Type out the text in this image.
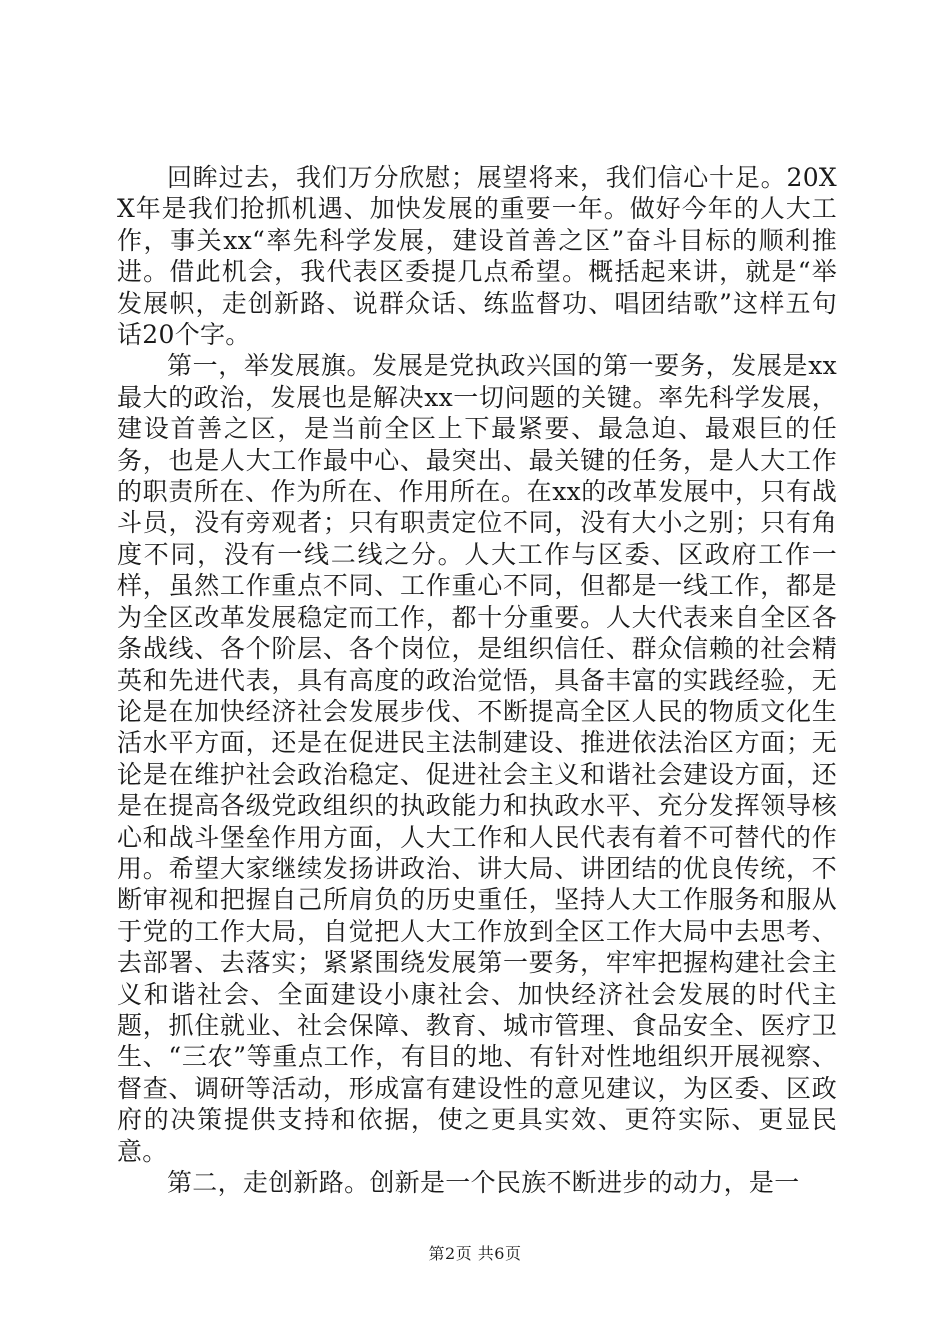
回眸过去，我们万分欣慰；展望将来，我们信心十足。20XX年是我们抢抓机遇、加快发展的重要一年。做好今年的人大工作，事关xx“率先科学发展，建设首善之区”奋斗目标的顺利推进。借此机会，我代表区委提几点希望。概括起来讲，就是“举发展帜，走创新路、说群众话、练监督功、唱团结歌”这样五句话20个字。

第一，举发展旗。发展是党执政兴国的第一要务，发展是xx最大的政治，发展也是解决xx一切问题的关键。率先科学发展，建设首善之区，是当前全区上下最紧要、最急迫、最艰巨的任务，也是人大工作最中心、最突出、最关键的任务，是人大工作的职责所在、作为所在、作用所在。在xx的改革发展中，只有战斗员，没有旁观者；只有职责定位不同，没有大小之别；只有角度不同，没有一线二线之分。人大工作与区委、区政府工作一样，虽然工作重点不同、工作重心不同，但都是一线工作，都是为全区改革发展稳定而工作，都十分重要。人大代表来自全区各条战线、各个阶层、各个岗位，是组织信任、群众信赖的社会精英和先进代表，具有高度的政治觉悟，具备丰富的实践经验，无论是在加快经济社会发展步伐、不断提高全区人民的物质文化生活水平方面，还是在促进民主法制建设、推进依法治区方面；无论是在维护社会政治稳定、促进社会主义和谐社会建设方面，还是在提高各级党政组织的执政能力和执政水平、充分发挥领导核心和战斗堡垒作用方面，人大工作和人民代表有着不可替代的作用。希望大家继续发扬讲政治、讲大局、讲团结的优良传统，不断审视和把握自己所肩负的历史重任，坚持人大工作服务和服从于党的工作大局，自觉把人大工作放到全区工作大局中去思考、去部署、去落实；紧紧围绕发展第一要务，牢牢把握构建社会主义和谐社会、全面建设小康社会、加快经济社会发展的时代主题，抓住就业、社会保障、教育、城市管理、食品安全、医疗卫生、“三农”等重点工作，有目的地、有针对性地组织开展视察、督查、调研等活动，形成富有建设性的意见建议，为区委、区政府的决策提供支持和依据，使之更具实效、更符实际、更显民意。

第二，走创新路。创新是一个民族不断进步的动力，是一

第2页 共6页
